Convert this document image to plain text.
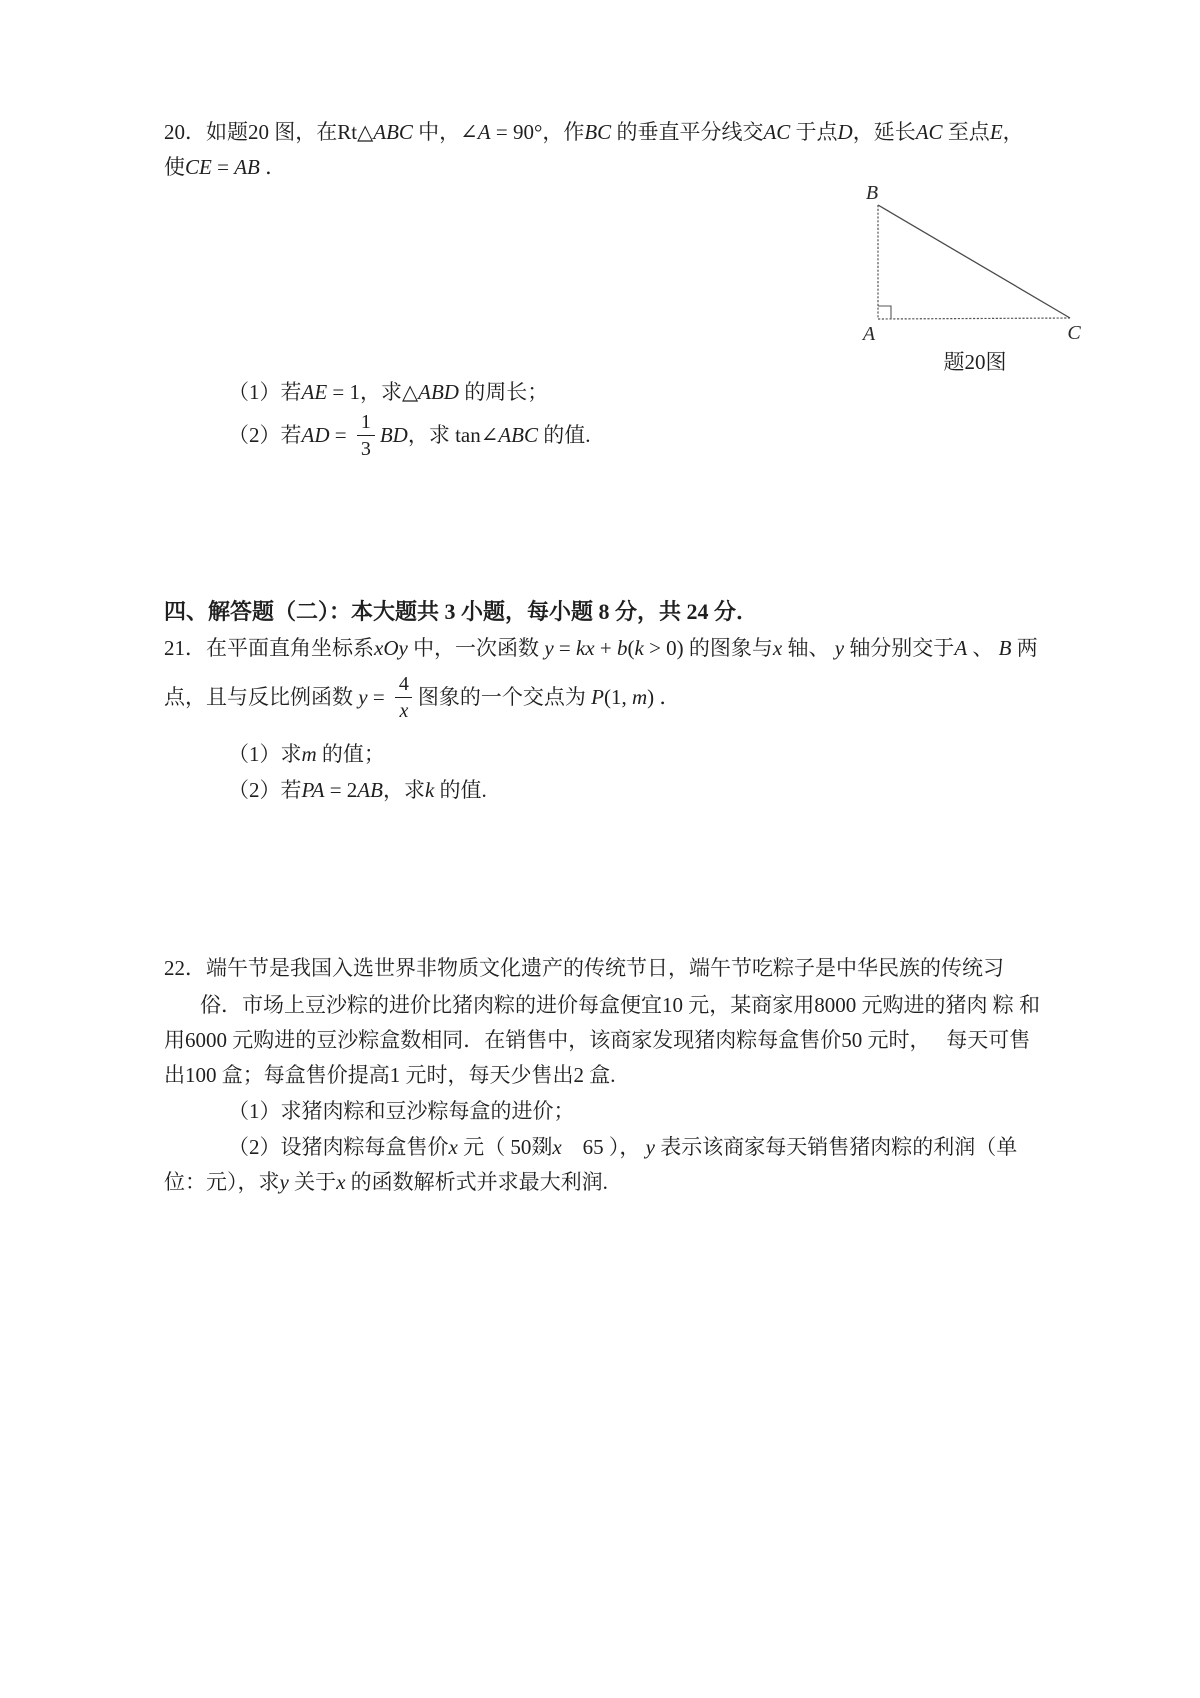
20．如题20 图，在Rt△ ABC 中，∠ A = 90°，作 BC 的垂直平分线交 AC 于点 D ，延长 AC 至点 E ，
使 CE = AB ．
B
A	C
题20图
（1）若 AE = 1，求△ ABD 的周长；
（2）若 AD = $\frac{1}{3}$ BD ，求 tan∠ ABC 的值.
四、解答题（二）：本大题共 3 小题，每小题 8 分，共 24 分．
21．在平面直角坐标系 xOy 中，一次函数 y = kx + b ( k > 0) 的图象与 x 轴、 y 轴分别交于 A 、 B 两
点，且与反比例函数 $y = \frac{4}{x}$ 图象的一个交点为 P (1, m ) ．
（1）求 m 的值；
（2）若 PA = 2 AB ，求 k 的值.
22．端午节是我国入选世界非物质文化遗产的传统节日，端午节吃粽子是中华民族的传统习
俗．市场上豆沙粽的进价比猪肉粽的进价每盒便宜10 元，某商家用8000 元购进的猪肉 粽 和
用6000 元购进的豆沙粽盒数相同．在销售中，该商家发现猪肉粽每盒售价50 元时，　 每天可售
出100 盒；每盒售价提高1 元时，每天少售出2 盒.
（1）求猪肉粽和豆沙粽每盒的进价；
（2）设猪肉粽每盒售价 x 元（ 50剟 x 　65 ）， y 表示该商家每天销售猪肉粽的利润（单
位：元），求 y 关于 x 的函数解析式并求最大利润.
